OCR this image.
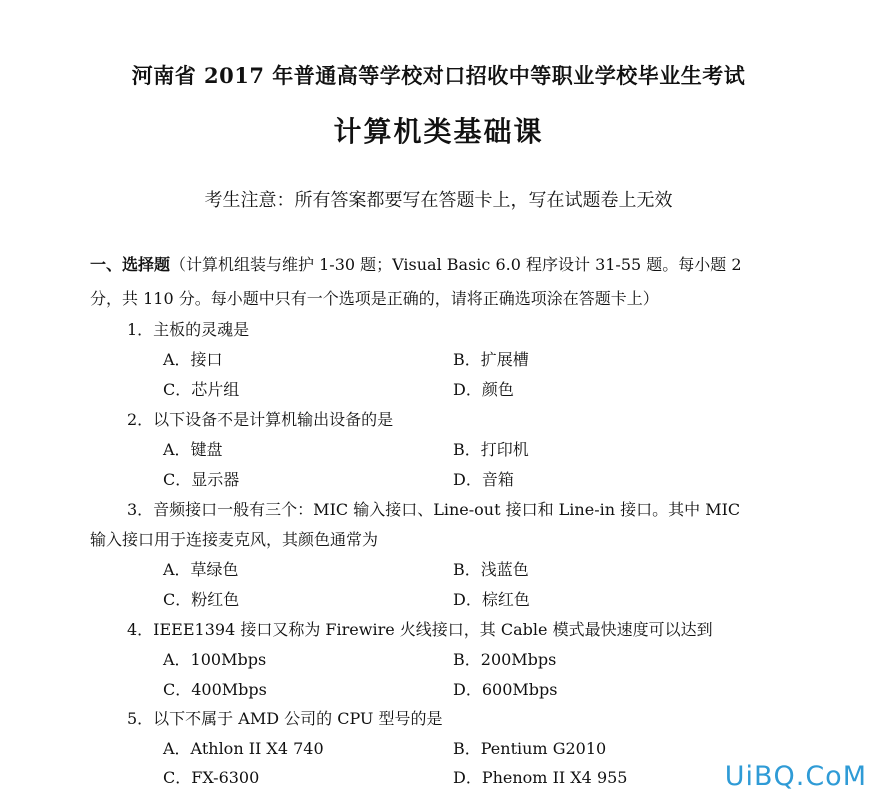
河南省 2017 年普通高等学校对口招收中等职业学校毕业生考试
计算机类基础课
考生注意：所有答案都要写在答题卡上，写在试题卷上无效
一、选择题（计算机组装与维护 1-30 题；Visual Basic 6.0 程序设计 31-55 题。每小题 2
分，共 110 分。每小题中只有一个选项是正确的，请将正确选项涂在答题卡上）
1．主板的灵魂是
A．接口	B．扩展槽
C．芯片组	D．颜色
2．以下设备不是计算机输出设备的是
A．键盘	B．打印机
C．显示器	D．音箱
3．音频接口一般有三个：MIC 输入接口、Line-out 接口和 Line-in 接口。其中 MIC
输入接口用于连接麦克风，其颜色通常为
A．草绿色	B．浅蓝色
C．粉红色	D．棕红色
4．IEEE1394 接口又称为 Firewire 火线接口，其 Cable 模式最快速度可以达到
A．100Mbps	B．200Mbps
C．400Mbps	D．600Mbps
5．以下不属于 AMD 公司的 CPU 型号的是
A．Athlon II X4 740	B．Pentium G2010
C．FX-6300	D．Phenom II X4 955	UiBQ.CoM
